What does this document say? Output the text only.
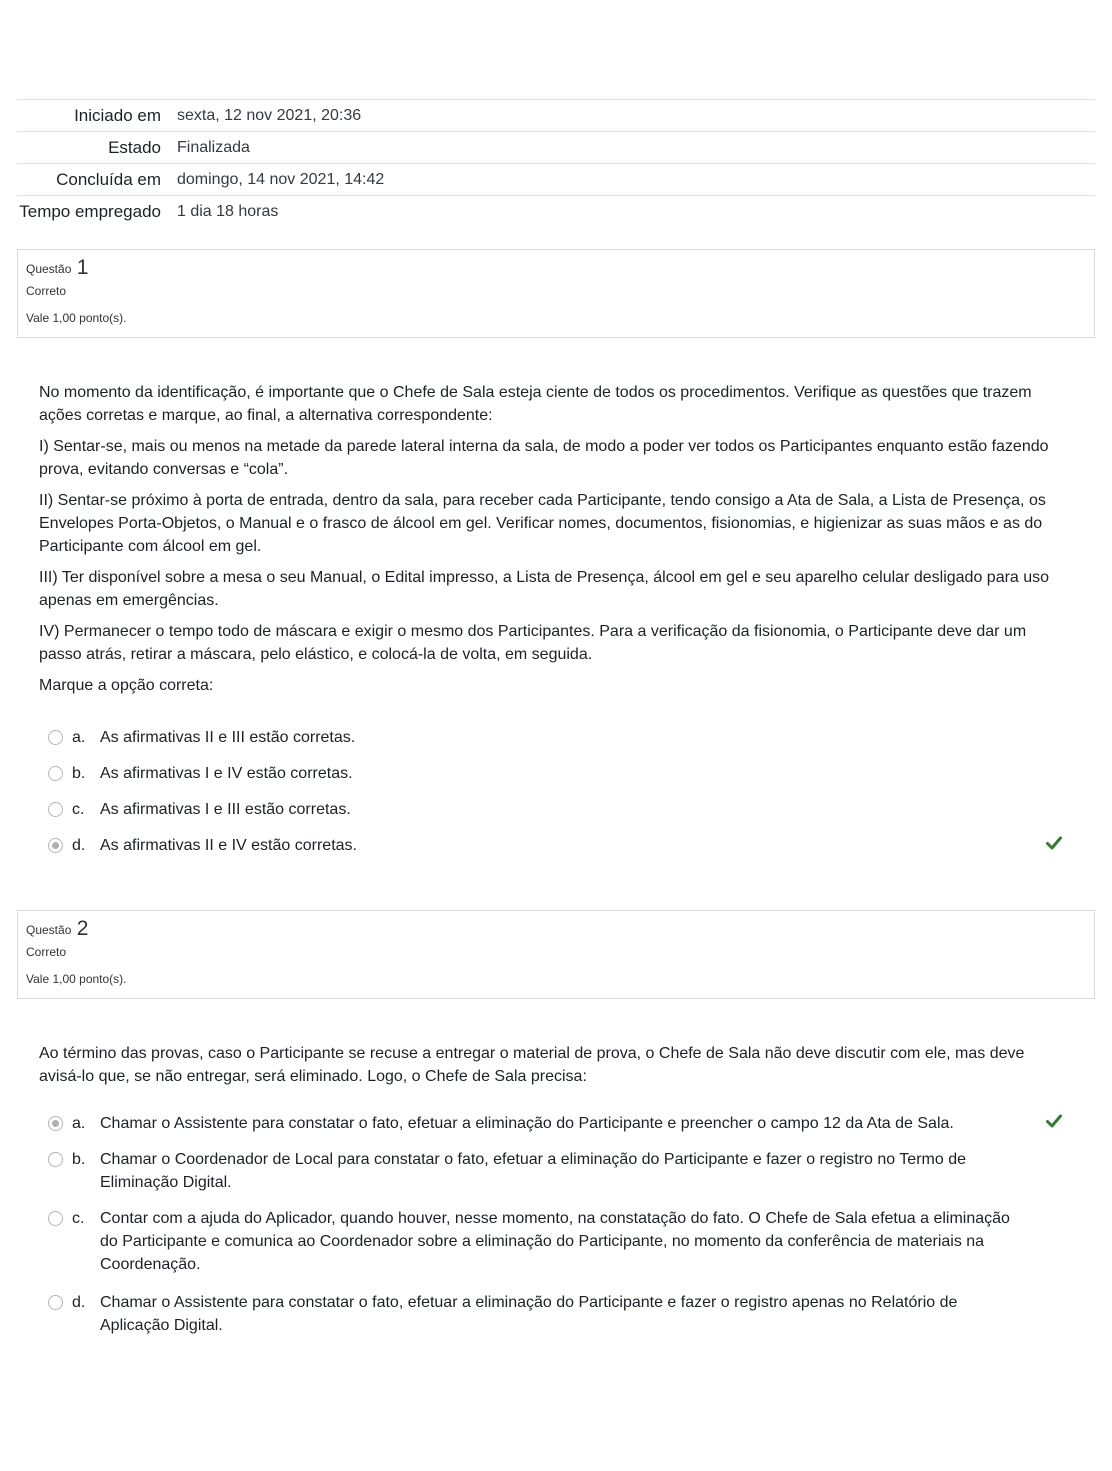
Iniciado em	sexta, 12 nov 2021, 20:36
Estado	Finalizada
Concluída em	domingo, 14 nov 2021, 14:42
Tempo empregado	1 dia 18 horas
Questão 1
Correto
Vale 1,00 ponto(s).

No momento da identificação, é importante que o Chefe de Sala esteja ciente de todos os procedimentos. Verifique as questões que trazem ações corretas e marque, ao final, a alternativa correspondente:

I) Sentar-se, mais ou menos na metade da parede lateral interna da sala, de modo a poder ver todos os Participantes enquanto estão fazendo prova, evitando conversas e “cola”.

II) Sentar-se próximo à porta de entrada, dentro da sala, para receber cada Participante, tendo consigo a Ata de Sala, a Lista de Presença, os Envelopes Porta-Objetos, o Manual e o frasco de álcool em gel. Verificar nomes, documentos, fisionomias, e higienizar as suas mãos e as do Participante com álcool em gel.

III) Ter disponível sobre a mesa o seu Manual, o Edital impresso, a Lista de Presença, álcool em gel e seu aparelho celular desligado para uso apenas em emergências.

IV) Permanecer o tempo todo de máscara e exigir o mesmo dos Participantes. Para a verificação da fisionomia, o Participante deve dar um passo atrás, retirar a máscara, pelo elástico, e colocá-la de volta, em seguida.

Marque a opção correta:

a. As afirmativas II e III estão corretas.
b. As afirmativas I e IV estão corretas.
c. As afirmativas I e III estão corretas.
d. As afirmativas II e IV estão corretas.
Questão 2
Correto
Vale 1,00 ponto(s).

Ao término das provas, caso o Participante se recuse a entregar o material de prova, o Chefe de Sala não deve discutir com ele, mas deve avisá-lo que, se não entregar, será eliminado. Logo, o Chefe de Sala precisa:

a. Chamar o Assistente para constatar o fato, efetuar a eliminação do Participante e preencher o campo 12 da Ata de Sala.
b. Chamar o Coordenador de Local para constatar o fato, efetuar a eliminação do Participante e fazer o registro no Termo de Eliminação Digital.
c. Contar com a ajuda do Aplicador, quando houver, nesse momento, na constatação do fato. O Chefe de Sala efetua a eliminação do Participante e comunica ao Coordenador sobre a eliminação do Participante, no momento da conferência de materiais na Coordenação.
d. Chamar o Assistente para constatar o fato, efetuar a eliminação do Participante e fazer o registro apenas no Relatório de Aplicação Digital.
